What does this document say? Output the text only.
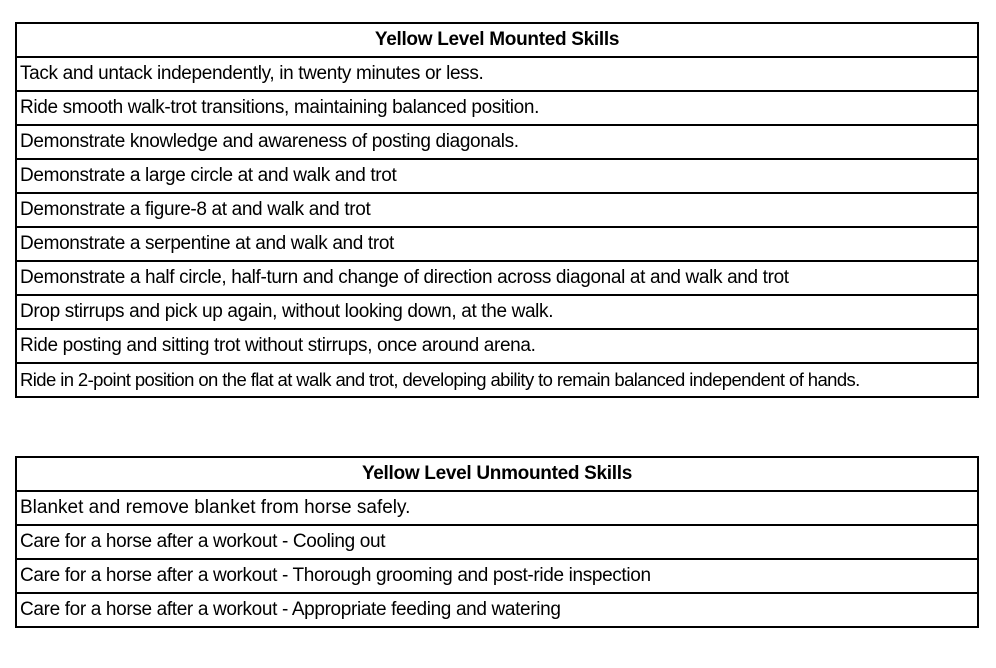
Yellow Level Mounted Skills
Tack and untack independently, in twenty minutes or less.
Ride smooth walk-trot transitions, maintaining balanced position.
Demonstrate knowledge and awareness of posting diagonals.
Demonstrate a large circle at and walk and trot
Demonstrate a figure-8 at and walk and trot
Demonstrate a serpentine at and walk and trot
Demonstrate a half circle, half-turn and change of direction across diagonal at and walk and trot
Drop stirrups and pick up again, without looking down, at the walk.
Ride posting and sitting trot without stirrups, once around arena.
Ride in 2-point position on the flat at walk and trot, developing ability to remain balanced independent of hands.
Yellow Level Unmounted Skills
Blanket and remove blanket from horse safely.
Care for a horse after a workout - Cooling out
Care for a horse after a workout - Thorough grooming and post-ride inspection
Care for a horse after a workout - Appropriate feeding and watering
